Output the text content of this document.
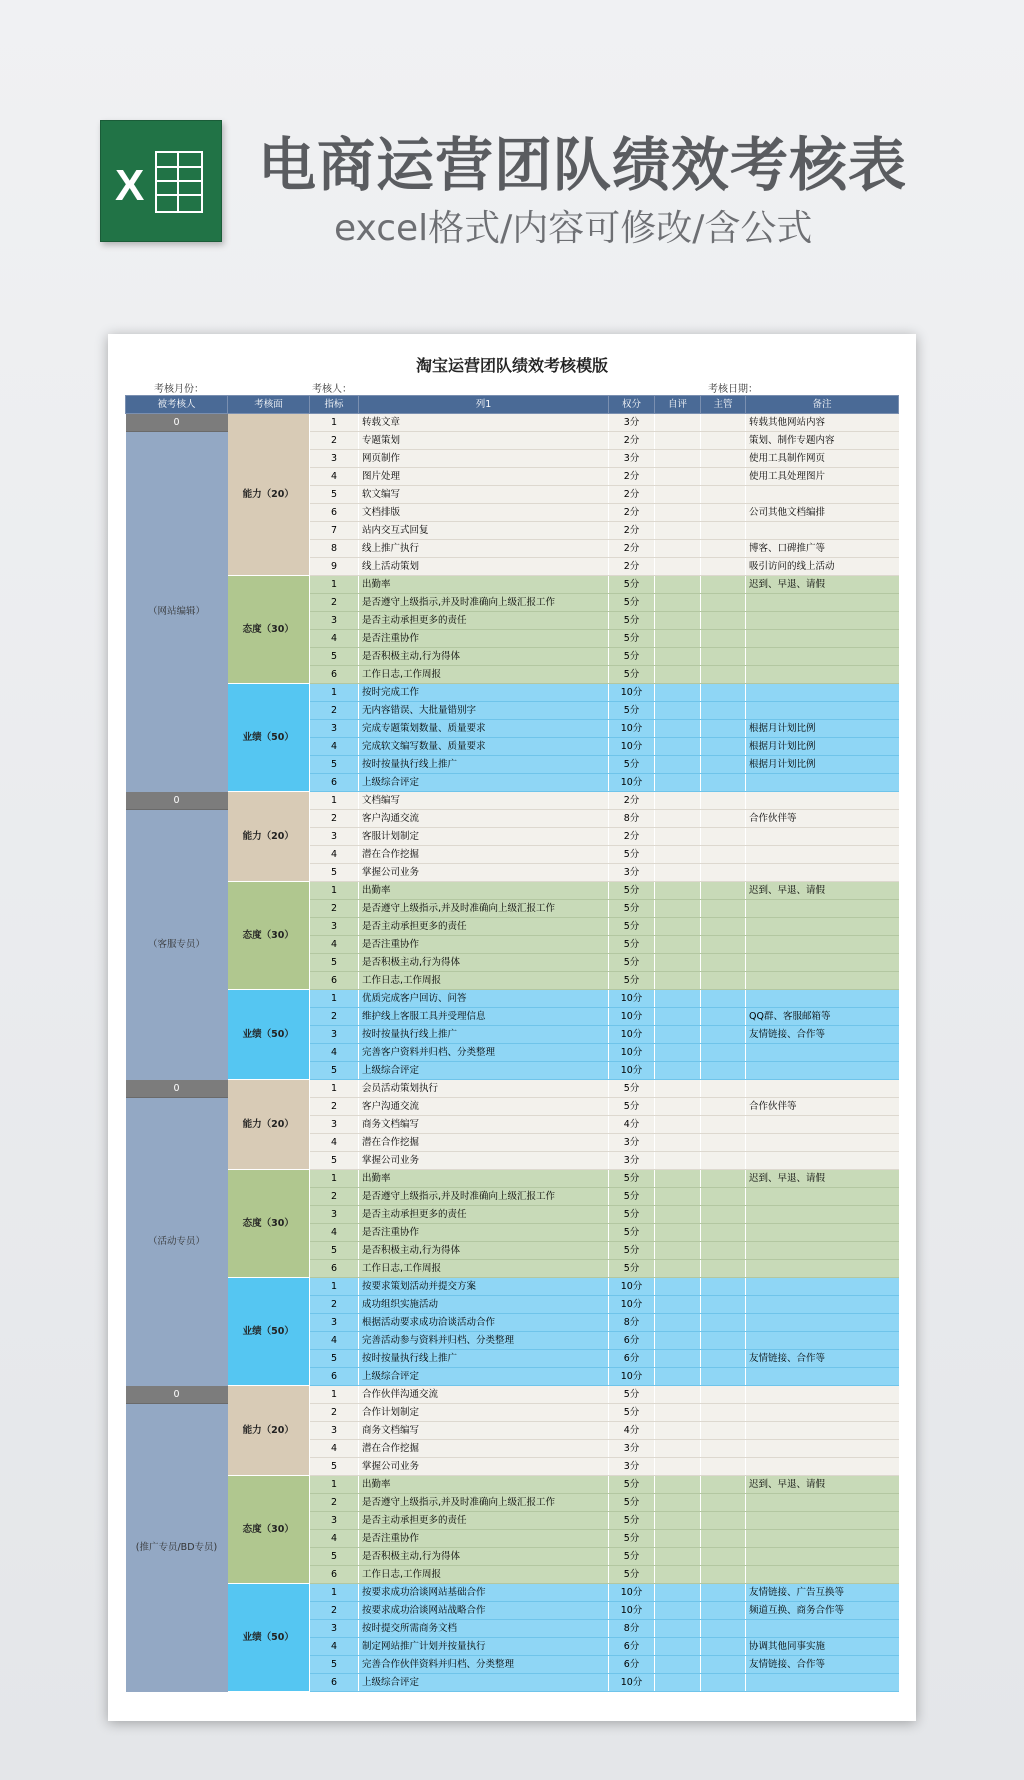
X 电商运营团队绩效考核表
excel格式/内容可修改/含公式
淘宝运营团队绩效考核模版
考核月份：	考核人：	考核日期：
被考核人	考核面	指标	列1	权分	自评	主管	备注
0	能力（20）	1	转载文章	3分			转载其他网站内容
（网站编辑）		2	专题策划	2分			策划、制作专题内容
		3	网页制作	3分			使用工具制作网页
		4	图片处理	2分			使用工具处理图片
		5	软文编写	2分			
		6	文档排版	2分			公司其他文档编排
		7	站内交互式回复	2分			
		8	线上推广执行	2分			博客、口碑推广等
		9	线上活动策划	2分			吸引访问的线上活动
	态度（30）	1	出勤率	5分			迟到、早退、请假
		2	是否遵守上级指示,并及时准确向上级汇报工作	5分			
		3	是否主动承担更多的责任	5分			
		4	是否注重协作	5分			
		5	是否积极主动,行为得体	5分			
		6	工作日志,工作周报	5分			
	业绩（50）	1	按时完成工作	10分			
		2	无内容错误、大批量错别字	5分			
		3	完成专题策划数量、质量要求	10分			根据月计划比例
		4	完成软文编写数量、质量要求	10分			根据月计划比例
		5	按时按量执行线上推广	5分			根据月计划比例
		6	上级综合评定	10分			
0	能力（20）	1	文档编写	2分			
（客服专员）		2	客户沟通交流	8分			合作伙伴等
		3	客服计划制定	2分			
		4	潜在合作挖掘	5分			
		5	掌握公司业务	3分			
	态度（30）	1	出勤率	5分			迟到、早退、请假
		2	是否遵守上级指示,并及时准确向上级汇报工作	5分			
		3	是否主动承担更多的责任	5分			
		4	是否注重协作	5分			
		5	是否积极主动,行为得体	5分			
		6	工作日志,工作周报	5分			
	业绩（50）	1	优质完成客户回访、问答	10分			
		2	维护线上客服工具并受理信息	10分			QQ群、客服邮箱等
		3	按时按量执行线上推广	10分			友情链接、合作等
		4	完善客户资料并归档、分类整理	10分			
		5	上级综合评定	10分			
0	能力（20）	1	会员活动策划执行	5分			
（活动专员）		2	客户沟通交流	5分			合作伙伴等
		3	商务文档编写	4分			
		4	潜在合作挖掘	3分			
		5	掌握公司业务	3分			
	态度（30）	1	出勤率	5分			迟到、早退、请假
		2	是否遵守上级指示,并及时准确向上级汇报工作	5分			
		3	是否主动承担更多的责任	5分			
		4	是否注重协作	5分			
		5	是否积极主动,行为得体	5分			
		6	工作日志,工作周报	5分			
	业绩（50）	1	按要求策划活动并提交方案	10分			
		2	成功组织实施活动	10分			
		3	根据活动要求成功洽谈活动合作	8分			
		4	完善活动参与资料并归档、分类整理	6分			
		5	按时按量执行线上推广	6分			友情链接、合作等
		6	上级综合评定	10分			
0	能力（20）	1	合作伙伴沟通交流	5分			
(推广专员/BD专员)		2	合作计划制定	5分			
		3	商务文档编写	4分			
		4	潜在合作挖掘	3分			
		5	掌握公司业务	3分			
	态度（30）	1	出勤率	5分			迟到、早退、请假
		2	是否遵守上级指示,并及时准确向上级汇报工作	5分			
		3	是否主动承担更多的责任	5分			
		4	是否注重协作	5分			
		5	是否积极主动,行为得体	5分			
		6	工作日志,工作周报	5分			
	业绩（50）	1	按要求成功洽谈网站基础合作	10分			友情链接、广告互换等
		2	按要求成功洽谈网站战略合作	10分			频道互换、商务合作等
		3	按时提交所需商务文档	8分			
		4	制定网站推广计划并按量执行	6分			协调其他同事实施
		5	完善合作伙伴资料并归档、分类整理	6分			友情链接、合作等
		6	上级综合评定	10分			
